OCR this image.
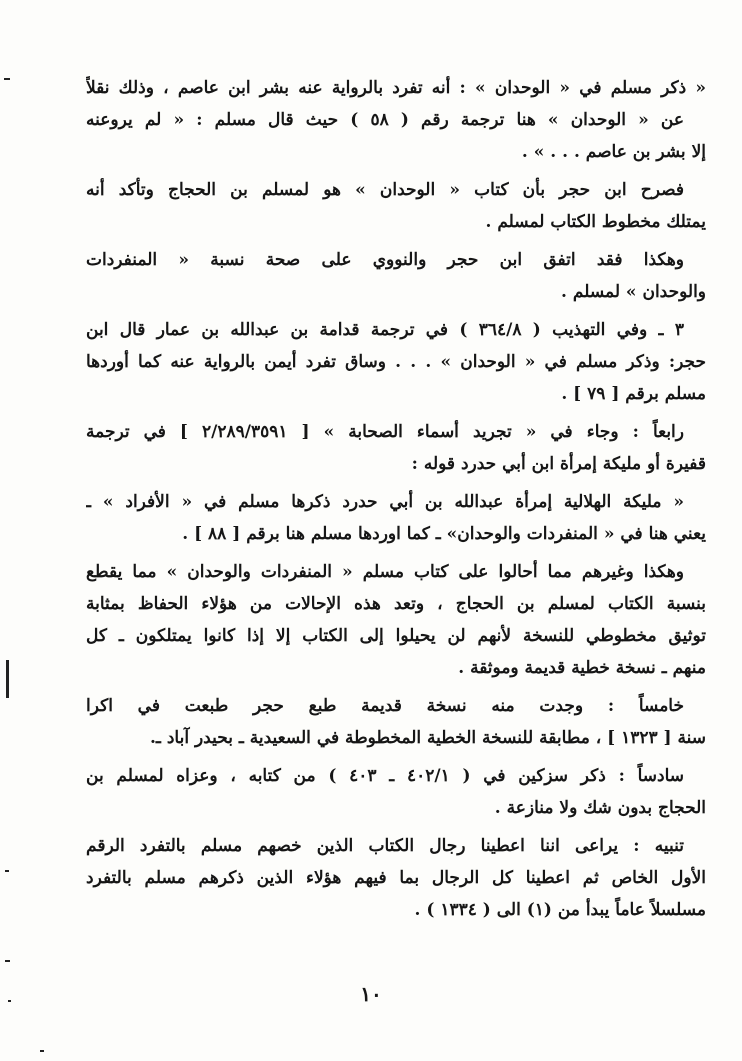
« ذكر مسلم في « الوحدان » : أنه تفرد بالرواية عنه بشر ابن عاصم ، وذلك نقلاً
عن « الوحدان » هنا ترجمة رقم ( ٥٨ ) حيث قال مسلم : « لم يروعنه
إلا بشر بن عاصم . . . » .
فصرح ابن حجر بأن كتاب « الوحدان » هو لمسلم بن الحجاج وتأكد أنه
يمتلك مخطوط الكتاب لمسلم .
وهكذا فقد اتفق ابن حجر والنووي على صحة نسبة « المنفردات
والوحدان » لمسلم .
٣ ـ وفي التهذيب ( ٣٦٤/٨ ) في ترجمة قدامة بن عبدالله بن عمار قال ابن
حجر: وذكر مسلم في « الوحدان » . . . وساق تفرد أيمن بالرواية عنه كما أوردها
مسلم برقم [ ٧٩ ] .
رابعاً : وجاء في « تجريد أسماء الصحابة » [ ٢/٢٨٩/٣٥٩١ ] في ترجمة
قفيرة أو مليكة إمرأة ابن أبي حدرد قوله :
« مليكة الهلالية إمرأة عبدالله بن أبي حدرد ذكرها مسلم في « الأفراد » ـ
يعني هنا في « المنفردات والوحدان» ـ كما اوردها مسلم هنا برقم [ ٨٨ ] .
وهكذا وغيرهم مما أحالوا على كتاب مسلم « المنفردات والوحدان » مما يقطع
بنسبة الكتاب لمسلم بن الحجاج ، وتعد هذه الإحالات من هؤلاء الحفاظ بمثابة
توثيق مخطوطي للنسخة لأنهم لن يحيلوا إلى الكتاب إلا إذا كانوا يمتلكون ـ كل
منهم ـ نسخة خطية قديمة وموثقة .
خامساً : وجدت منه نسخة قديمة طبع حجر طبعت في اكرا
سنة [ ١٣٢٣ ] ، مطابقة للنسخة الخطية المخطوطة في السعيدية ـ بحيدر آباد ـ.
سادساً : ذكر سزكين في ( ٤٠٢/١ ـ ٤٠٣ ) من كتابه ، وعزاه لمسلم بن
الحجاج بدون شك ولا منازعة .
تنبيه : يراعى اننا اعطينا رجال الكتاب الذين خصهم مسلم بالتفرد الرقم
الأول الخاص ثم اعطينا كل الرجال بما فيهم هؤلاء الذين ذكرهم مسلم بالتفرد
مسلسلاً عاماً يبدأ من (١) الى ( ١٣٣٤ ) .
١٠
